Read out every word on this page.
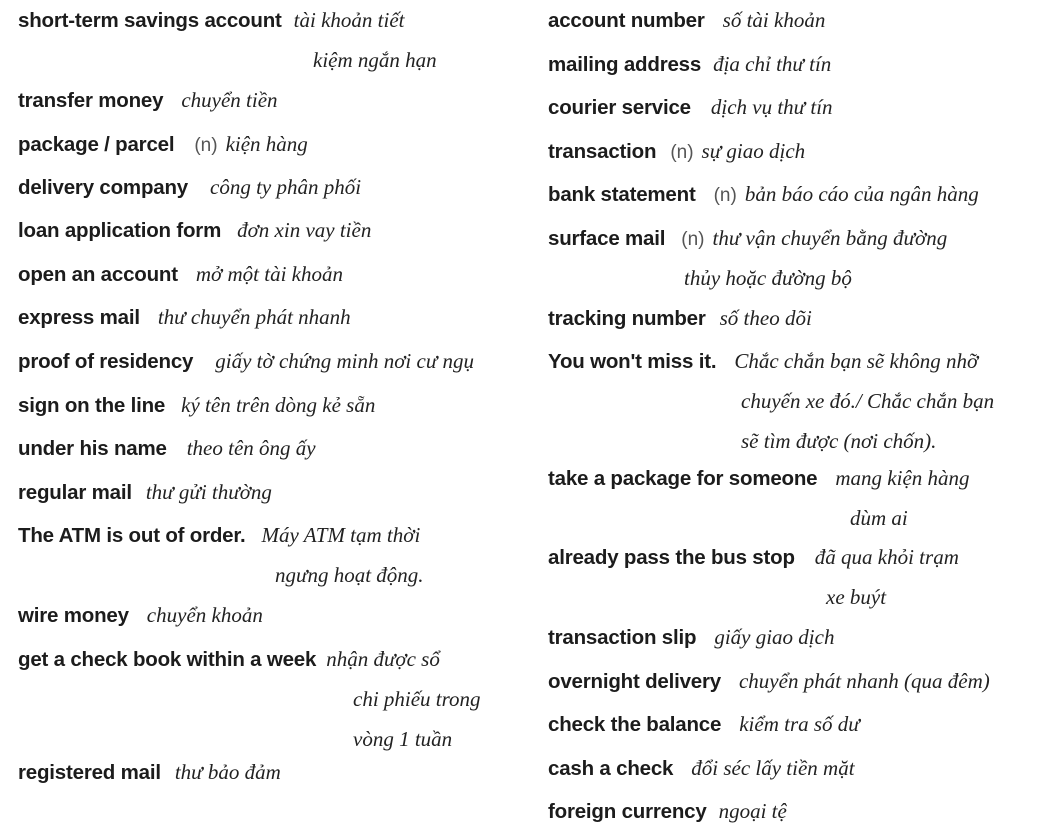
short-term savings account tài khoản tiết
kiệm ngắn hạn
transfer money chuyển tiền
package / parcel (n) kiện hàng
delivery company công ty phân phối
loan application form đơn xin vay tiền
open an account mở một tài khoản
express mail thư chuyển phát nhanh
proof of residency giấy tờ chứng minh nơi cư ngụ
sign on the line ký tên trên dòng kẻ sẵn
under his name theo tên ông ấy
regular mail thư gửi thường
The ATM is out of order. Máy ATM tạm thời
ngưng hoạt động.
wire money chuyển khoản
get a check book within a week nhận được sổ
chi phiếu trong
vòng 1 tuần
registered mail thư bảo đảm
account number số tài khoản
mailing address địa chỉ thư tín
courier service dịch vụ thư tín
transaction (n) sự giao dịch
bank statement (n) bản báo cáo của ngân hàng
surface mail (n) thư vận chuyển bằng đường
thủy hoặc đường bộ
tracking number số theo dõi
You won't miss it. Chắc chắn bạn sẽ không nhỡ
chuyến xe đó./ Chắc chắn bạn
sẽ tìm được (nơi chốn).
take a package for someone mang kiện hàng
dùm ai
already pass the bus stop đã qua khỏi trạm
xe buýt
transaction slip giấy giao dịch
overnight delivery chuyển phát nhanh (qua đêm)
check the balance kiểm tra số dư
cash a check đổi séc lấy tiền mặt
foreign currency ngoại tệ
